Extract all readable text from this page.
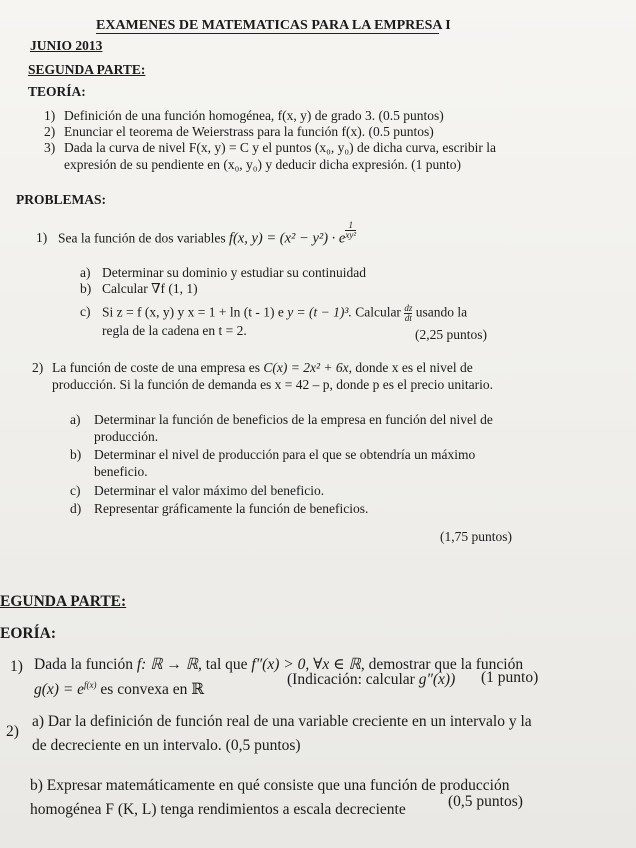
EXAMENES DE MATEMATICAS PARA LA EMPRESA I
JUNIO 2013
SEGUNDA PARTE:
TEORÍA:
1) Definición de una función homogénea, f(x, y) de grado 3. (0.5 puntos)
2) Enunciar el teorema de Weierstrass para la función f(x). (0.5 puntos)
3) Dada la curva de nivel F(x, y) = C y el puntos (x₀, y₀) de dicha curva, escribir la
expresión de su pendiente en (x₀, y₀) y deducir dicha expresión. (1 punto)
PROBLEMAS:
1) Sea la función de dos variables f(x, y) = (x² − y²) · e $\frac{1}{\text{xy²}}$
a) Determinar su dominio y estudiar su continuidad
b) Calcular ∇f (1, 1)
c) Si z = f (x, y) y x = 1 + ln (t - 1) e y = (t − 1)³. Calcular $\frac{dz}{dt}$ usando la
regla de la cadena en t = 2.	(2,25 puntos)
2) La función de coste de una empresa es C(x) = 2x² + 6x, donde x es el nivel de
producción. Si la función de demanda es x = 42 – p, donde p es el precio unitario.
a) Determinar la función de beneficios de la empresa en función del nivel de
producción.
b) Determinar el nivel de producción para el que se obtendría un máximo
beneficio.
c) Determinar el valor máximo del beneficio.
d) Representar gráficamente la función de beneficios.
(1,75 puntos)
EGUNDA PARTE:
EORÍA:
1) Dada la función f: ℝ → ℝ, tal que f″(x) > 0, ∀x ∈ ℝ, demostrar que la función
$g(x) = e^{f(x)}$ es convexa en ℝ
(Indicación: calcular g″(x)) (1 punto)
2)
a) Dar la definición de función real de una variable creciente en un intervalo y la
de decreciente en un intervalo. (0,5 puntos)
b) Expresar matemáticamente en qué consiste que una función de producción
homogénea F (K, L) tenga rendimientos a escala decreciente	(0,5 puntos)
